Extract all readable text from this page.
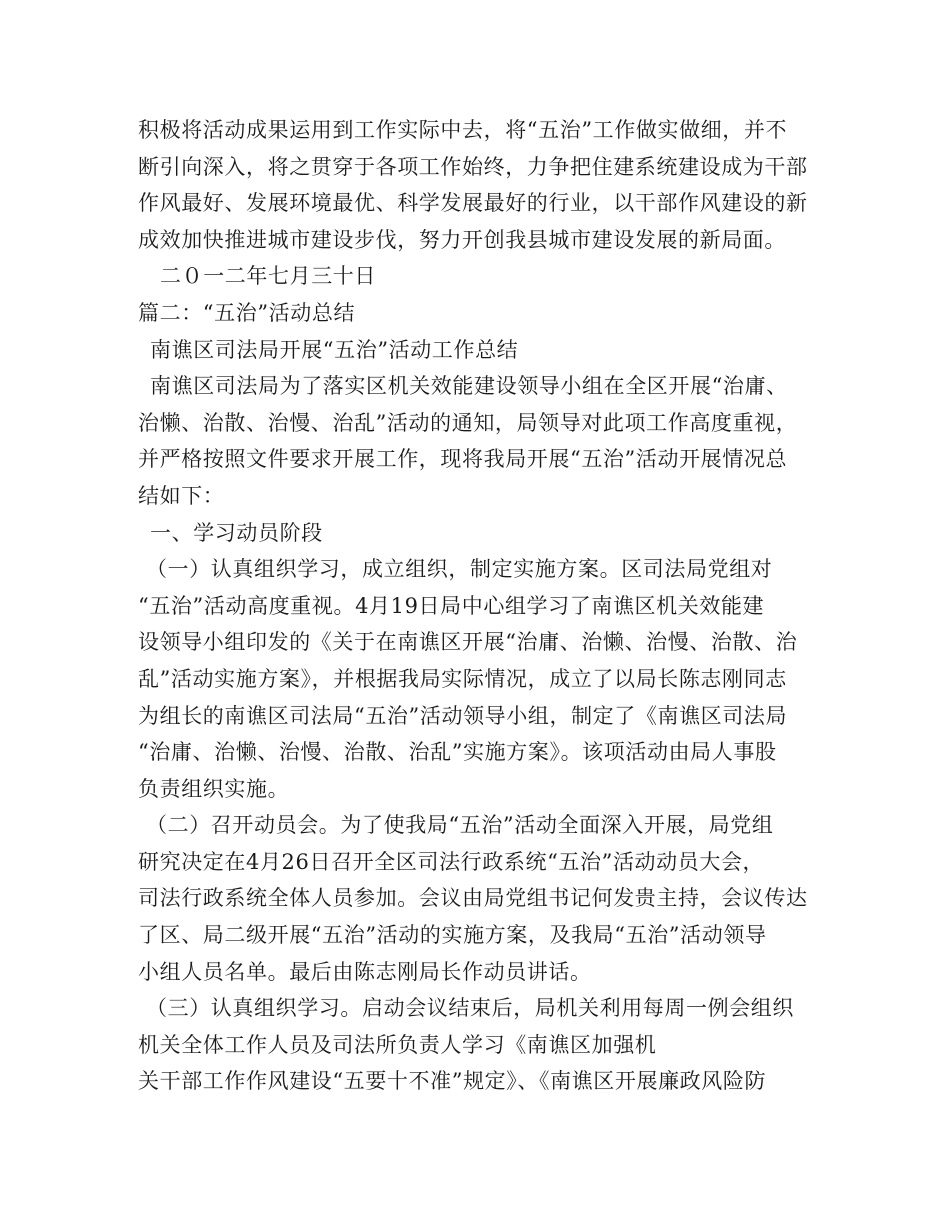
积极将活动成果运用到工作实际中去，将“五治”工作做实做细，并不
断引向深入，将之贯穿于各项工作始终，力争把住建系统建设成为干部
作风最好、发展环境最优、科学发展最好的行业，以干部作风建设的新
成效加快推进城市建设步伐，努力开创我县城市建设发展的新局面。
二０一二年七月三十日
篇二：“五治”活动总结
南谯区司法局开展“五治”活动工作总结
南谯区司法局为了落实区机关效能建设领导小组在全区开展“治庸、
治懒、治散、治慢、治乱”活动的通知，局领导对此项工作高度重视，
并严格按照文件要求开展工作，现将我局开展“五治”活动开展情况总
结如下：
一、学习动员阶段
（一）认真组织学习，成立组织，制定实施方案。区司法局党组对
“五治”活动高度重视。4月19日局中心组学习了南谯区机关效能建
设领导小组印发的《关于在南谯区开展“治庸、治懒、治慢、治散、治
乱”活动实施方案》，并根据我局实际情况，成立了以局长陈志刚同志
为组长的南谯区司法局“五治”活动领导小组，制定了《南谯区司法局
“治庸、治懒、治慢、治散、治乱”实施方案》。该项活动由局人事股
负责组织实施。
（二）召开动员会。为了使我局“五治”活动全面深入开展，局党组
研究决定在4月26日召开全区司法行政系统“五治”活动动员大会，
司法行政系统全体人员参加。会议由局党组书记何发贵主持，会议传达
了区、局二级开展“五治”活动的实施方案，及我局“五治”活动领导
小组人员名单。最后由陈志刚局长作动员讲话。
（三）认真组织学习。启动会议结束后，局机关利用每周一例会组织
机关全体工作人员及司法所负责人学习《南谯区加强机
关干部工作作风建设“五要十不准”规定》、《南谯区开展廉政风险防
